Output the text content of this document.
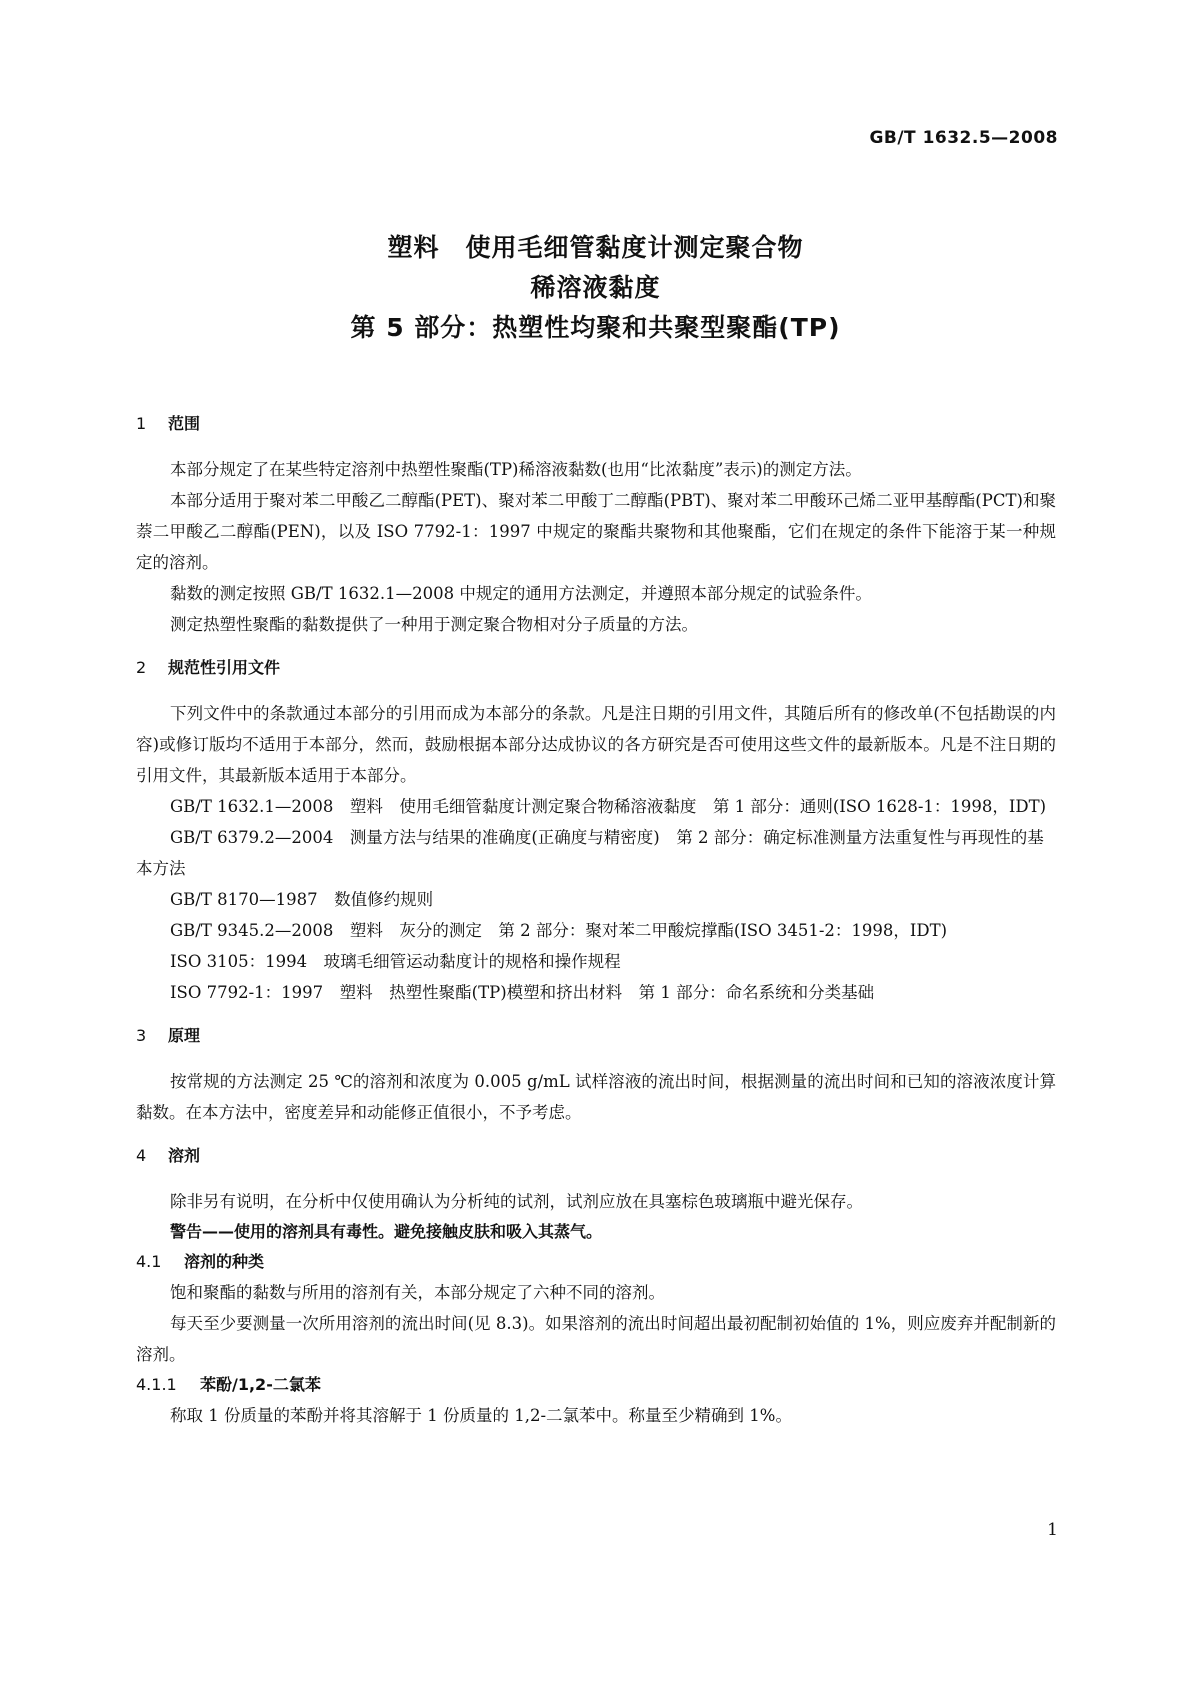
GB/T 1632.5—2008
塑料　使用毛细管黏度计测定聚合物
稀溶液黏度
第 5 部分：热塑性均聚和共聚型聚酯(TP)
1 范围

本部分规定了在某些特定溶剂中热塑性聚酯(TP)稀溶液黏数(也用“比浓黏度”表示)的测定方法。

本部分适用于聚对苯二甲酸乙二醇酯(PET)、聚对苯二甲酸丁二醇酯(PBT)、聚对苯二甲酸环己烯二亚甲基醇酯(PCT)和聚萘二甲酸乙二醇酯(PEN)，以及 ISO 7792-1：1997 中规定的聚酯共聚物和其他聚酯，它们在规定的条件下能溶于某一种规定的溶剂。

黏数的测定按照 GB/T 1632.1—2008 中规定的通用方法测定，并遵照本部分规定的试验条件。

测定热塑性聚酯的黏数提供了一种用于测定聚合物相对分子质量的方法。

2 规范性引用文件

下列文件中的条款通过本部分的引用而成为本部分的条款。凡是注日期的引用文件，其随后所有的修改单(不包括勘误的内容)或修订版均不适用于本部分，然而，鼓励根据本部分达成协议的各方研究是否可使用这些文件的最新版本。凡是不注日期的引用文件，其最新版本适用于本部分。

GB/T 1632.1—2008　塑料　使用毛细管黏度计测定聚合物稀溶液黏度　第 1 部分：通则(ISO 1628-1：1998，IDT)

GB/T 6379.2—2004　测量方法与结果的准确度(正确度与精密度)　第 2 部分：确定标准测量方法重复性与再现性的基本方法

GB/T 8170—1987　数值修约规则

GB/T 9345.2—2008　塑料　灰分的测定　第 2 部分：聚对苯二甲酸烷撑酯(ISO 3451-2：1998，IDT)

ISO 3105：1994　玻璃毛细管运动黏度计的规格和操作规程

ISO 7792-1：1997　塑料　热塑性聚酯(TP)模塑和挤出材料　第 1 部分：命名系统和分类基础

3 原理

按常规的方法测定 25 ℃的溶剂和浓度为 0.005 g/mL 试样溶液的流出时间，根据测量的流出时间和已知的溶液浓度计算黏数。在本方法中，密度差异和动能修正值很小，不予考虑。

4 溶剂

除非另有说明，在分析中仅使用确认为分析纯的试剂，试剂应放在具塞棕色玻璃瓶中避光保存。

警告——使用的溶剂具有毒性。避免接触皮肤和吸入其蒸气。
4.1 溶剂的种类

饱和聚酯的黏数与所用的溶剂有关，本部分规定了六种不同的溶剂。

每天至少要测量一次所用溶剂的流出时间(见 8.3)。如果溶剂的流出时间超出最初配制初始值的 1%，则应废弃并配制新的溶剂。

4.1.1 苯酚/1,2-二氯苯

称取 1 份质量的苯酚并将其溶解于 1 份质量的 1,2-二氯苯中。称量至少精确到 1%。

1
